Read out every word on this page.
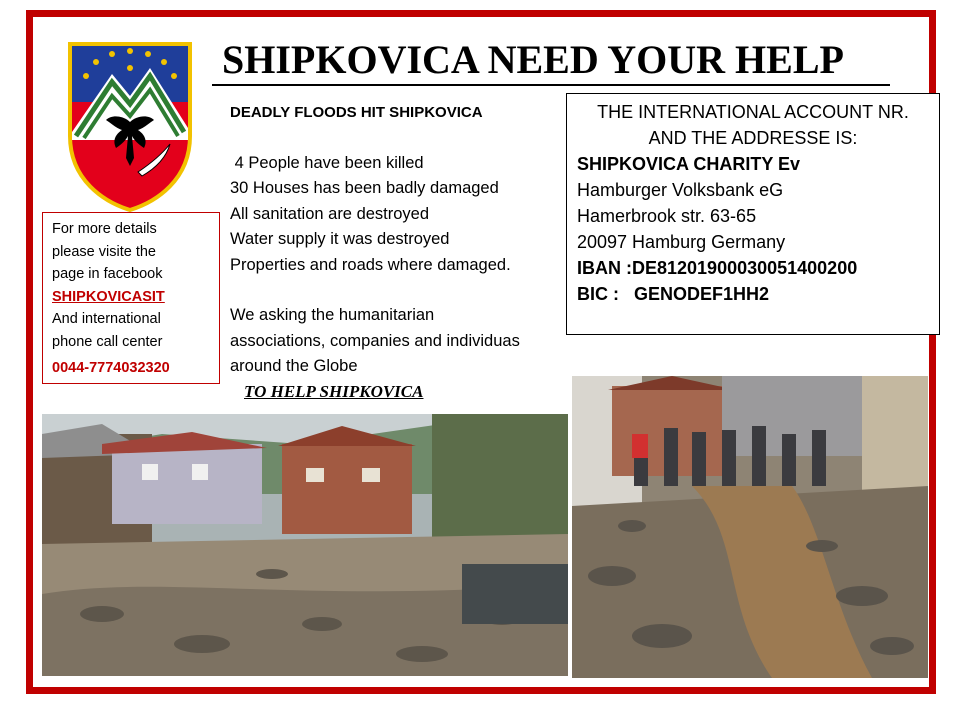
SHIPKOVICA NEED YOUR HELP
For more details
please visite the
page in facebook
SHIPKOVICASIT
And international
phone call center
0044-7774032320
DEADLY FLOODS HIT SHIPKOVICA
4 People have been killed
30 Houses has been badly damaged
All sanitation are destroyed
Water supply it was destroyed
Properties and roads where damaged.
We asking the humanitarian
associations, companies and individuas
around the Globe
TO HELP SHIPKOVICA
THE INTERNATIONAL ACCOUNT NR.
AND THE ADDRESSE IS:
SHIPKOVICA CHARITY Ev
Hamburger Volksbank eG
Hamerbrook str. 63-65
20097 Hamburg Germany
IBAN :DE81201900030051400200
BIC :   GENODEF1HH2
